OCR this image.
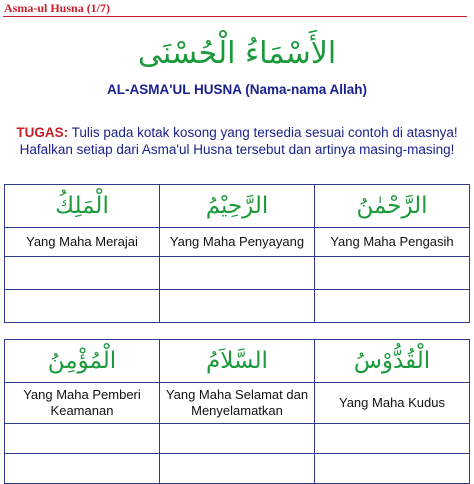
Asma-ul Husna (1/7)
الأَسْمَاءُ الْحُسْنَى
AL-ASMA'UL HUSNA (Nama-nama Allah)
TUGAS: Tulis pada kotak kosong yang tersedia sesuai contoh di atasnya!
Hafalkan setiap dari Asma'ul Husna tersebut dan artinya masing-masing!
الْمَلِكُ	الرَّحِيْمُ	الرَّحْمٰنُ
Yang Maha Merajai	Yang Maha Penyayang	Yang Maha Pengasih

الْمُؤْمِنُ	السَّلاَمُ	الْقُدُّوْسُ
Yang Maha Pemberi Keamanan	Yang Maha Selamat dan Menyelamatkan	Yang Maha Kudus
